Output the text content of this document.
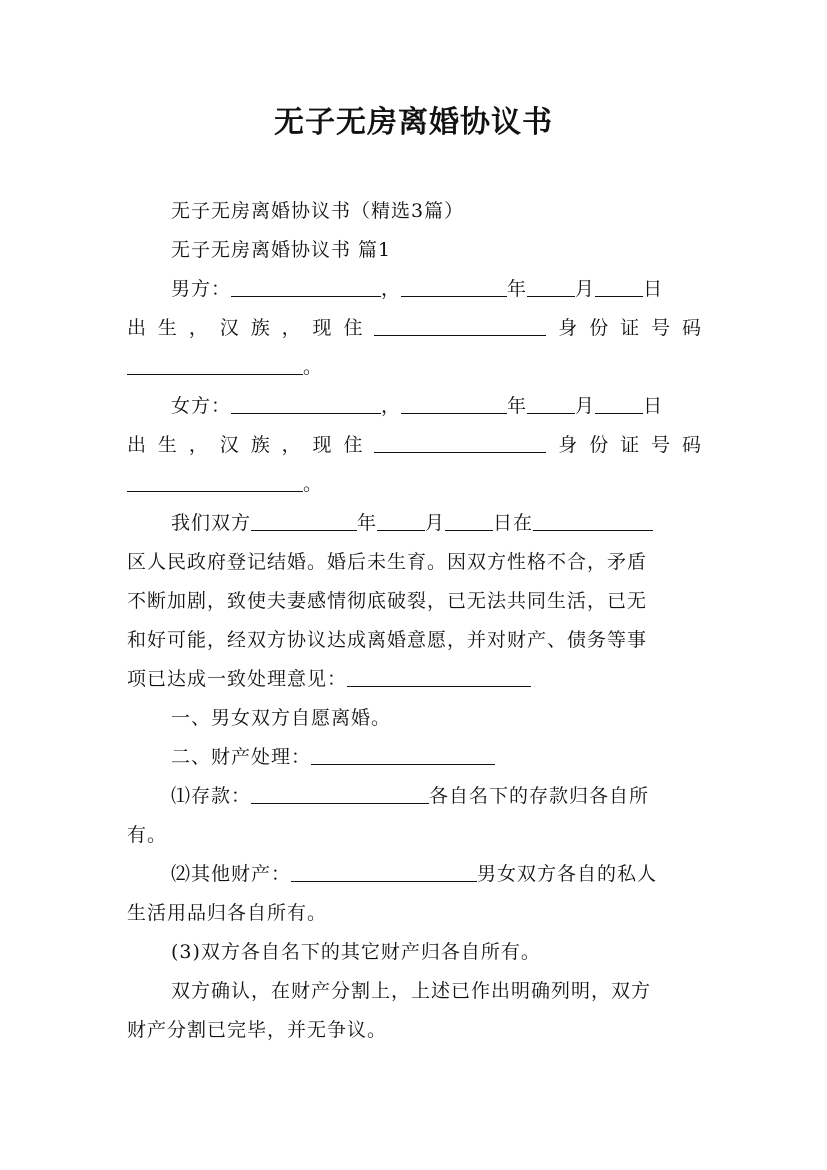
无子无房离婚协议书
无子无房离婚协议书（精选3篇）
无子无房离婚协议书 篇1
男方：	，	年	月	日
出 生 ， 汉 族 ， 现 住	身 份 证 号 码
。
女方：	，	年	月	日
出 生 ， 汉 族 ， 现 住	身 份 证 号 码
。
我们双方	年	月	日在
区人民政府登记结婚。婚后未生育。因双方性格不合，矛盾
不断加剧，致使夫妻感情彻底破裂，已无法共同生活，已无
和好可能，经双方协议达成离婚意愿，并对财产、债务等事
项已达成一致处理意见：
一、男女双方自愿离婚。
二、财产处理：
⑴存款：	各自名下的存款归各自所
有。
⑵其他财产：	男女双方各自的私人
生活用品归各自所有。
(3)双方各自名下的其它财产归各自所有。
双方确认，在财产分割上，上述已作出明确列明，双方
财产分割已完毕，并无争议。
